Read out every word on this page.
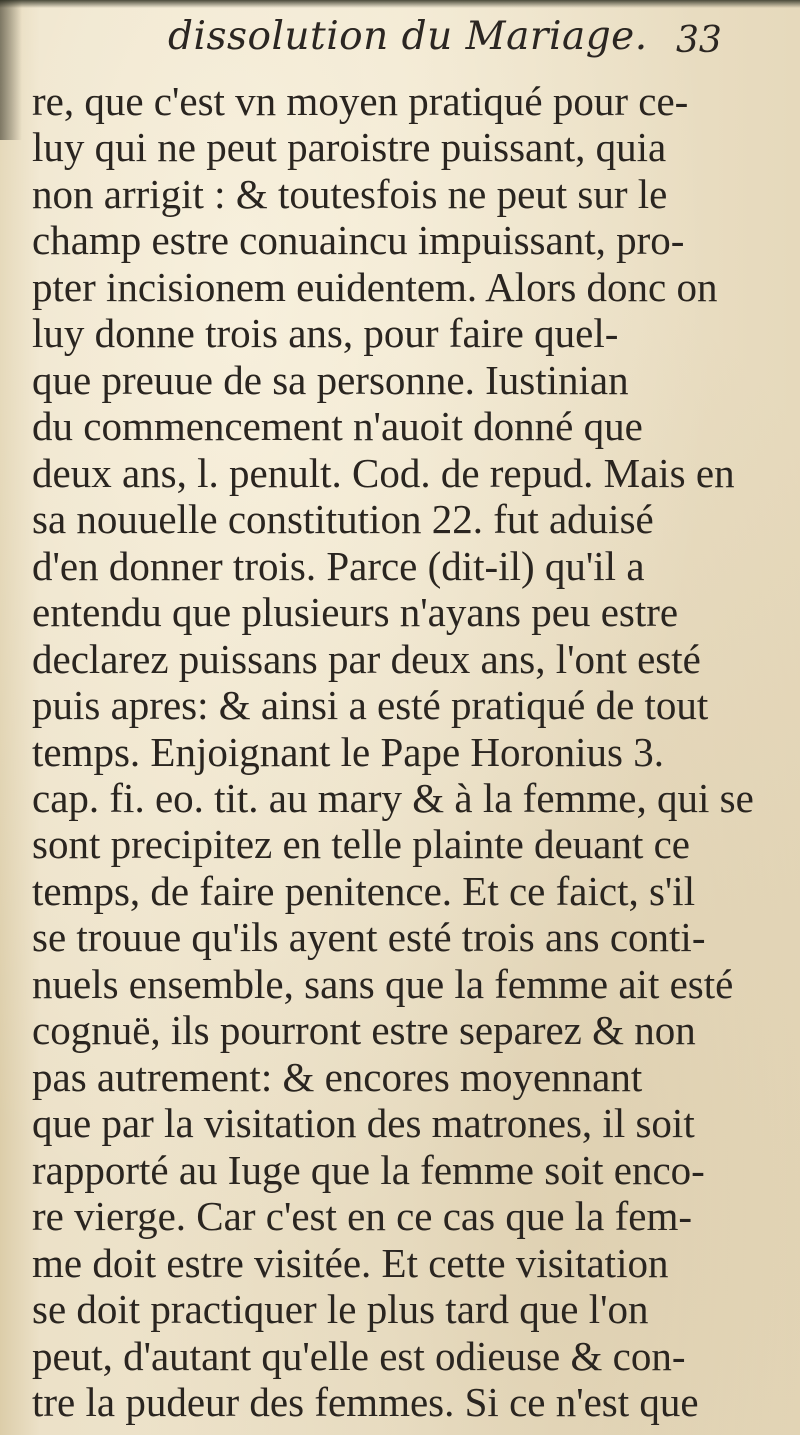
dissolution du Mariage. 33
re, que c'est vn moyen pratiqué pour ce-
luy qui ne peut paroistre puissant, quia
non arrigit : & toutesfois ne peut sur le
champ estre conuaincu impuissant, pro-
pter incisionem euidentem. Alors donc on
luy donne trois ans, pour faire quel-
que preuue de sa personne. Iustinian
du commencement n'auoit donné que
deux ans, l. penult. Cod. de repud. Mais en
sa nouuelle constitution 22. fut aduisé
d'en donner trois. Parce (dit-il) qu'il a
entendu que plusieurs n'ayans peu estre
declarez puissans par deux ans, l'ont esté
puis apres: & ainsi a esté pratiqué de tout
temps. Enjoignant le Pape Horonius 3.
cap. fi. eo. tit. au mary & à la femme, qui se
sont precipitez en telle plainte deuant ce
temps, de faire penitence. Et ce faict, s'il
se trouue qu'ils ayent esté trois ans conti-
nuels ensemble, sans que la femme ait esté
cognuë, ils pourront estre separez & non
pas autrement: & encores moyennant
que par la visitation des matrones, il soit
rapporté au Iuge que la femme soit enco-
re vierge. Car c'est en ce cas que la fem-
me doit estre visitée. Et cette visitation
se doit practiquer le plus tard que l'on
peut, d'autant qu'elle est odieuse & con-
tre la pudeur des femmes. Si ce n'est que
